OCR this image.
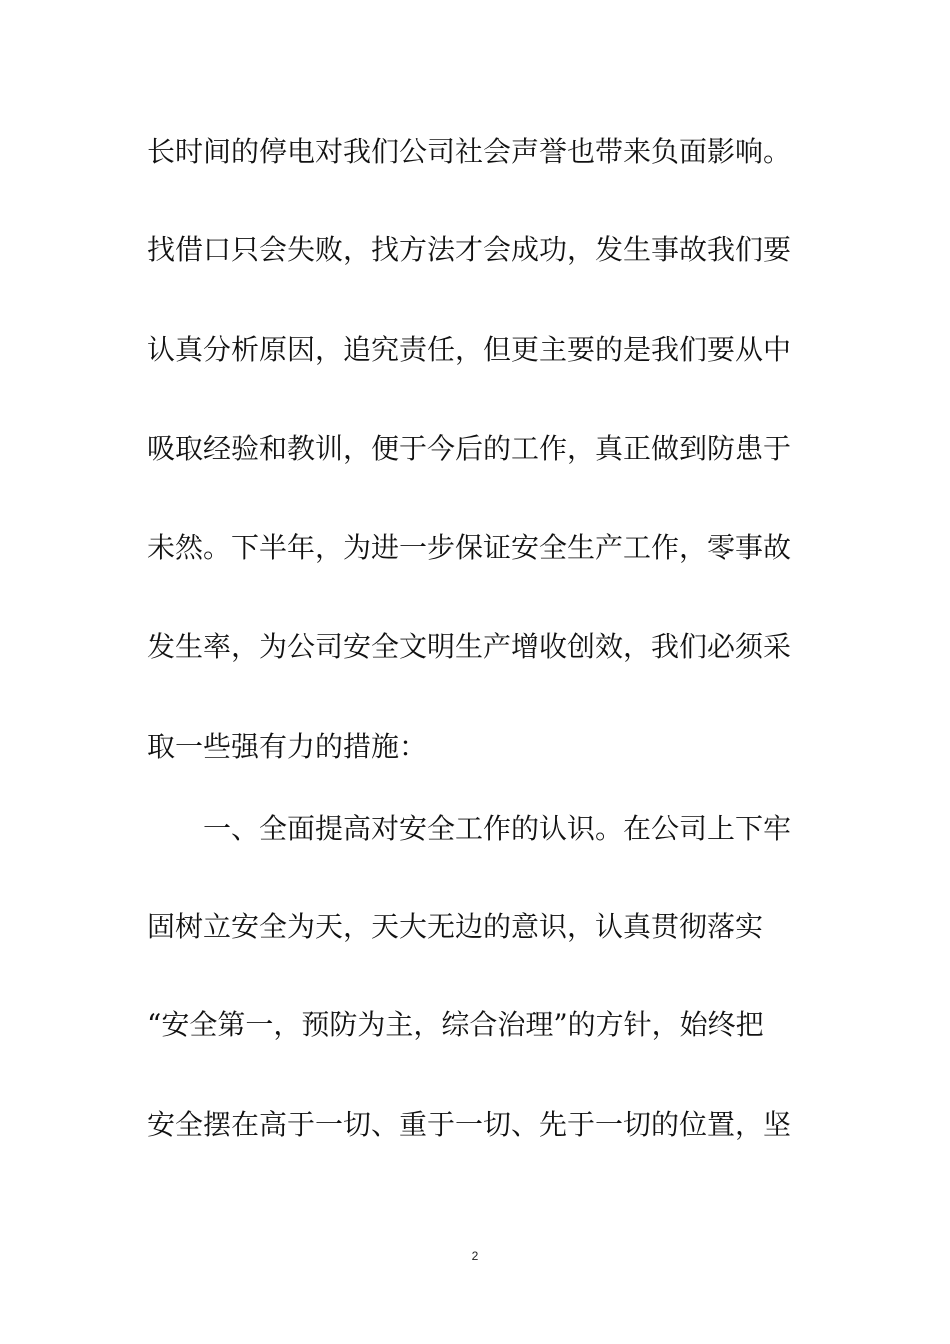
长时间的停电对我们公司社会声誉也带来负面影响。
找借口只会失败，找方法才会成功，发生事故我们要
认真分析原因，追究责任，但更主要的是我们要从中
吸取经验和教训，便于今后的工作，真正做到防患于
未然。下半年，为进一步保证安全生产工作，零事故
发生率，为公司安全文明生产增收创效，我们必须采
取一些强有力的措施：
　　一、全面提高对安全工作的认识。在公司上下牢
固树立安全为天，天大无边的意识，认真贯彻落实
“安全第一，预防为主，综合治理”的方针，始终把
安全摆在高于一切、重于一切、先于一切的位置，坚
2
